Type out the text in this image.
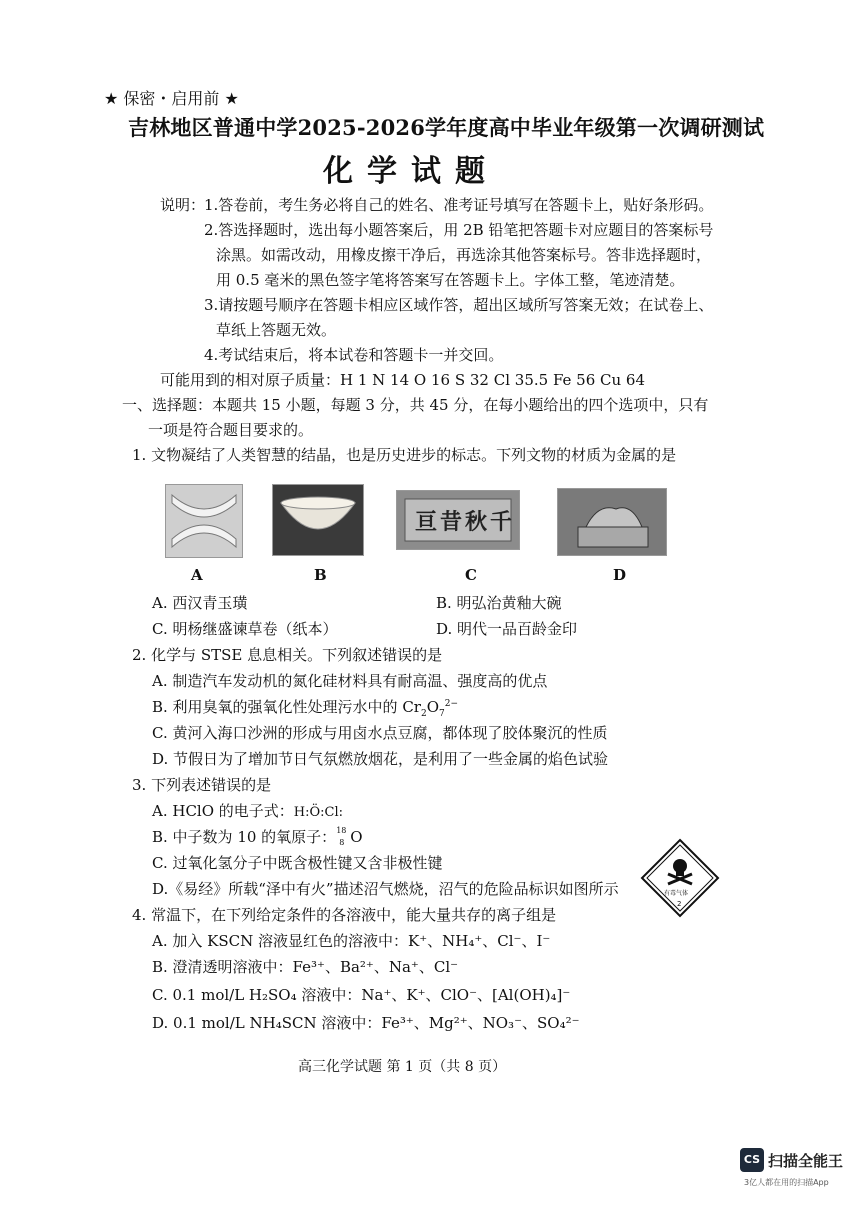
★ 保密・启用前 ★
吉林地区普通中学2025-2026学年度高中毕业年级第一次调研测试
化学试题
说明：
1.答卷前，考生务必将自己的姓名、准考证号填写在答题卡上，贴好条形码。
2.答选择题时，选出每小题答案后，用 2B 铅笔把答题卡对应题目的答案标号
涂黑。如需改动，用橡皮擦干净后，再选涂其他答案标号。答非选择题时，
用 0.5 毫米的黑色签字笔将答案写在答题卡上。字体工整，笔迹清楚。
3.请按题号顺序在答题卡相应区域作答，超出区域所写答案无效；在试卷上、
草纸上答题无效。
4.考试结束后，将本试卷和答题卡一并交回。
可能用到的相对原子质量：H 1 N 14 O 16 S 32 Cl 35.5 Fe 56 Cu 64
一、选择题：本题共 15 小题，每题 3 分，共 45 分，在每小题给出的四个选项中，只有
一项是符合题目要求的。
1. 文物凝结了人类智慧的结晶，也是历史进步的标志。下列文物的材质为金属的是
亘昔秋千
A	B	C	D
A. 西汉青玉璜	B. 明弘治黄釉大碗
C. 明杨继盛谏草卷（纸本）	D. 明代一品百龄金印
2. 化学与 STSE 息息相关。下列叙述错误的是
A. 制造汽车发动机的氮化硅材料具有耐高温、强度高的优点
B. 利用臭氧的强氧化性处理污水中的 $Cr_2O_7^{2-}$
C. 黄河入海口沙洲的形成与用卤水点豆腐，都体现了胶体聚沉的性质
D. 节假日为了增加节日气氛燃放烟花，是利用了一些金属的焰色试验
3. 下列表述错误的是
A. HClO 的电子式：H:Ö:Cl:
B. 中子数为 10 的氧原子： 18
8 O
C. 过氧化氢分子中既含极性键又含非极性键
D.《易经》所载“泽中有火”描述沼气燃烧，沼气的危险品标识如图所示	有毒气体
2
4. 常温下，在下列给定条件的各溶液中，能大量共存的离子组是
A. 加入 KSCN 溶液显红色的溶液中：K⁺、NH₄⁺、Cl⁻、I⁻
B. 澄清透明溶液中：Fe³⁺、Ba²⁺、Na⁺、Cl⁻
C. 0.1 mol/L H₂SO₄ 溶液中：Na⁺、K⁺、ClO⁻、[Al(OH)₄]⁻
D. 0.1 mol/L NH₄SCN 溶液中：Fe³⁺、Mg²⁺、NO₃⁻、SO₄²⁻
高三化学试题 第 1 页（共 8 页）
CS 扫描全能王
3亿人都在用的扫描App
